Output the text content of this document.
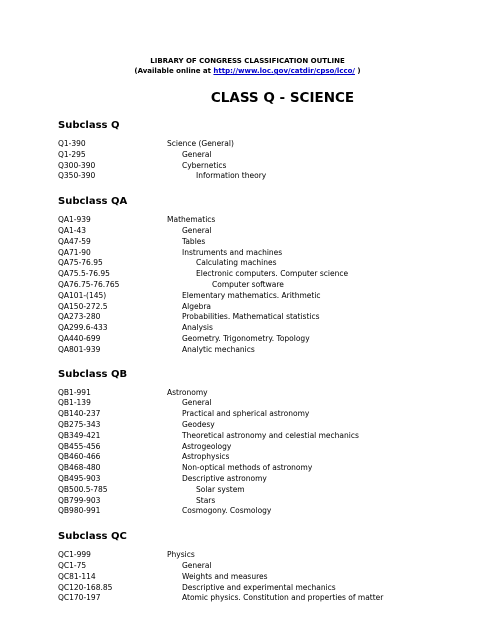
LIBRARY OF CONGRESS CLASSIFICATION OUTLINE
(Available online at http://www.loc.gov/catdir/cpso/lcco/ )
CLASS Q - SCIENCE
Subclass Q
Q1-390	Science (General)
Q1-295	General
Q300-390	Cybernetics
Q350-390	Information theory
Subclass QA
QA1-939	Mathematics
QA1-43	General
QA47-59	Tables
QA71-90	Instruments and machines
QA75-76.95	Calculating machines
QA75.5-76.95	Electronic computers. Computer science
QA76.75-76.765	Computer software
QA101-(145)	Elementary mathematics. Arithmetic
QA150-272.5	Algebra
QA273-280	Probabilities. Mathematical statistics
QA299.6-433	Analysis
QA440-699	Geometry. Trigonometry. Topology
QA801-939	Analytic mechanics
Subclass QB
QB1-991	Astronomy
QB1-139	General
QB140-237	Practical and spherical astronomy
QB275-343	Geodesy
QB349-421	Theoretical astronomy and celestial mechanics
QB455-456	Astrogeology
QB460-466	Astrophysics
QB468-480	Non-optical methods of astronomy
QB495-903	Descriptive astronomy
QB500.5-785	Solar system
QB799-903	Stars
QB980-991	Cosmogony. Cosmology
Subclass QC
QC1-999	Physics
QC1-75	General
QC81-114	Weights and measures
QC120-168.85	Descriptive and experimental mechanics
QC170-197	Atomic physics. Constitution and properties of matter
